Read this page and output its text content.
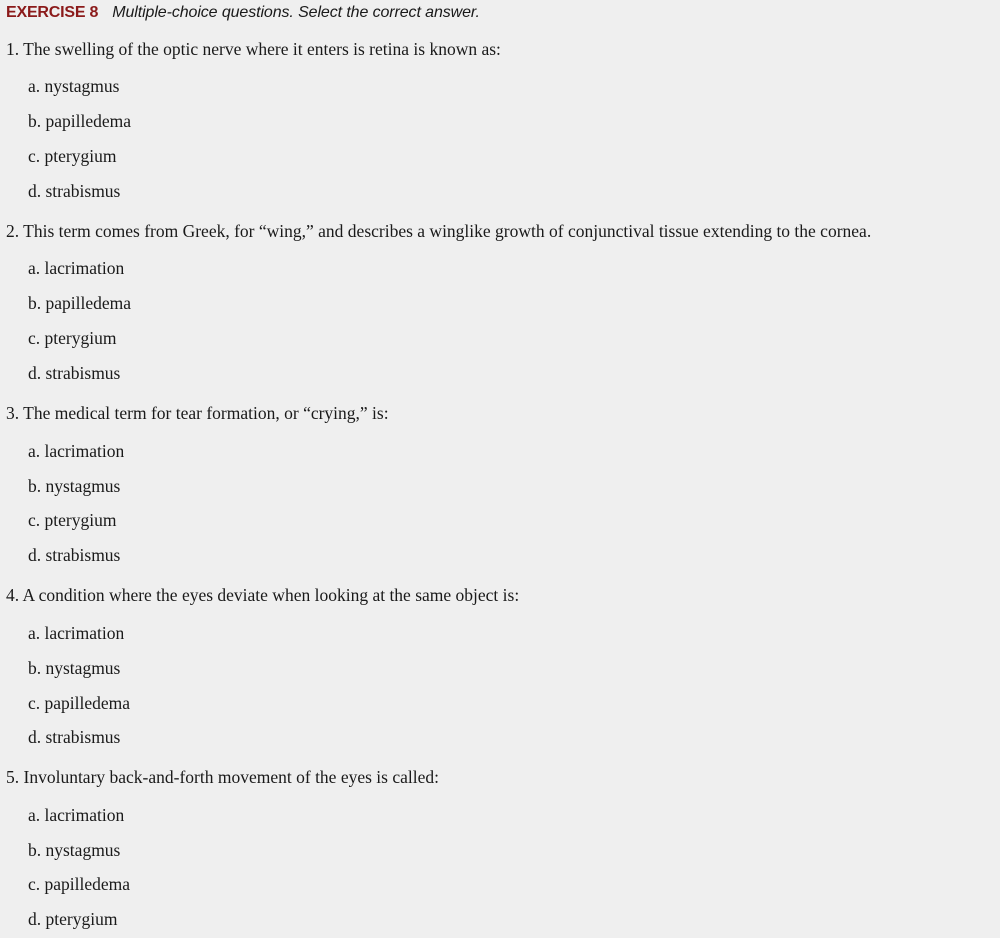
EXERCISE 8 Multiple-choice questions. Select the correct answer.

1. The swelling of the optic nerve where it enters is retina is known as:

a. nystagmus
b. papilledema
c. pterygium
d. strabismus

2. This term comes from Greek, for “wing,” and describes a winglike growth of conjunctival tissue extending to the cornea.

a. lacrimation
b. papilledema
c. pterygium
d. strabismus

3. The medical term for tear formation, or “crying,” is:

a. lacrimation
b. nystagmus
c. pterygium
d. strabismus

4. A condition where the eyes deviate when looking at the same object is:

a. lacrimation
b. nystagmus
c. papilledema
d. strabismus

5. Involuntary back-and-forth movement of the eyes is called:

a. lacrimation
b. nystagmus
c. papilledema
d. pterygium
